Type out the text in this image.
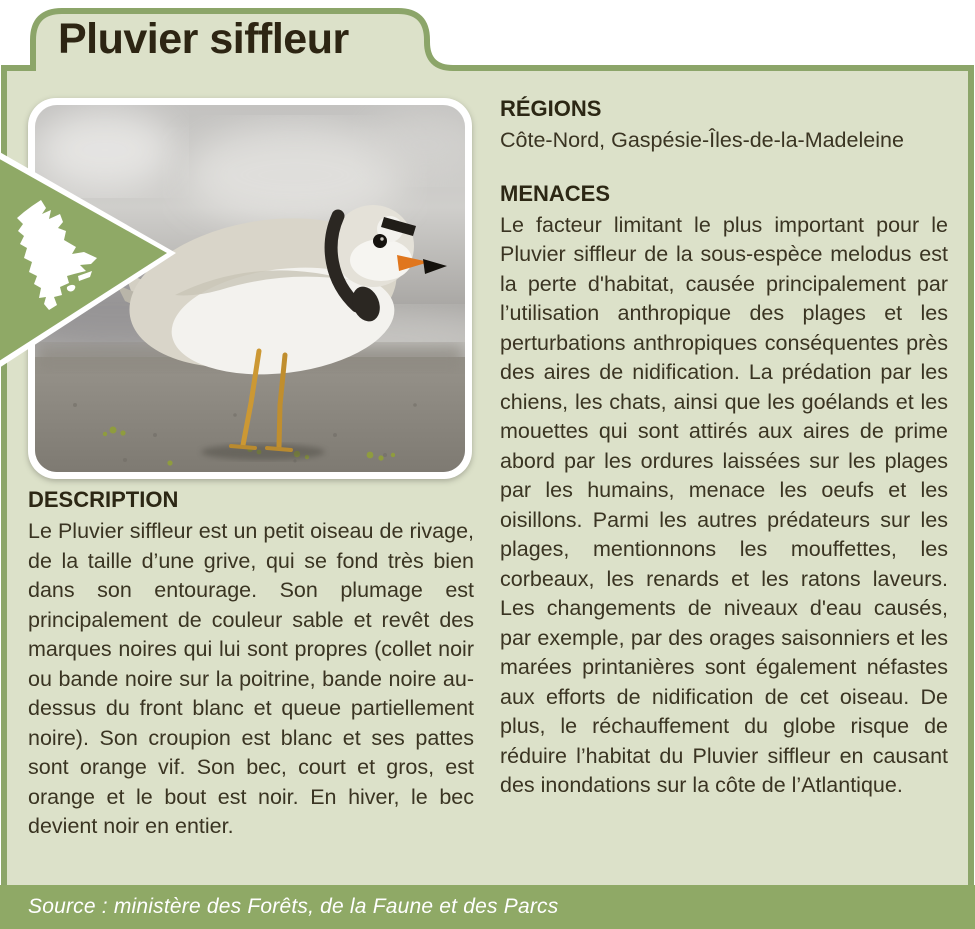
Pluvier siffleur
RÉGIONS

Côte-Nord, Gaspésie-Îles-de-la-Madeleine

MENACES

Le facteur limitant le plus important pour le Pluvier siffleur de la sous-espèce melodus est la perte d'habitat, causée principalement par l’utilisation anthropique des plages et les perturbations anthropiques conséquentes près des aires de nidification. La prédation par les chiens, les chats, ainsi que les goélands et les mouettes qui sont attirés aux aires de prime abord par les ordures laissées sur les plages par les humains, menace les oeufs et les oisillons. Parmi les autres prédateurs sur les plages, mentionnons les mouffettes, les corbeaux, les renards et les ratons laveurs. Les changements de niveaux d'eau causés, par exemple, par des orages saisonniers et les marées printanières sont également néfastes aux efforts de nidification de cet oiseau. De plus, le réchauffement du globe risque de réduire l’habitat du Pluvier siffleur en causant des inondations sur la côte de l’Atlantique.

DESCRIPTION

Le Pluvier siffleur est un petit oiseau de rivage, de la taille d’une grive, qui se fond très bien dans son entourage. Son plumage est principalement de couleur sable et revêt des marques noires qui lui sont propres (collet noir ou bande noire sur la poitrine, bande noire au-dessus du front blanc et queue partiellement noire). Son croupion est blanc et ses pattes sont orange vif. Son bec, court et gros, est orange et le bout est noir. En hiver, le bec devient noir en entier.

Source : ministère des Forêts, de la Faune et des Parcs
